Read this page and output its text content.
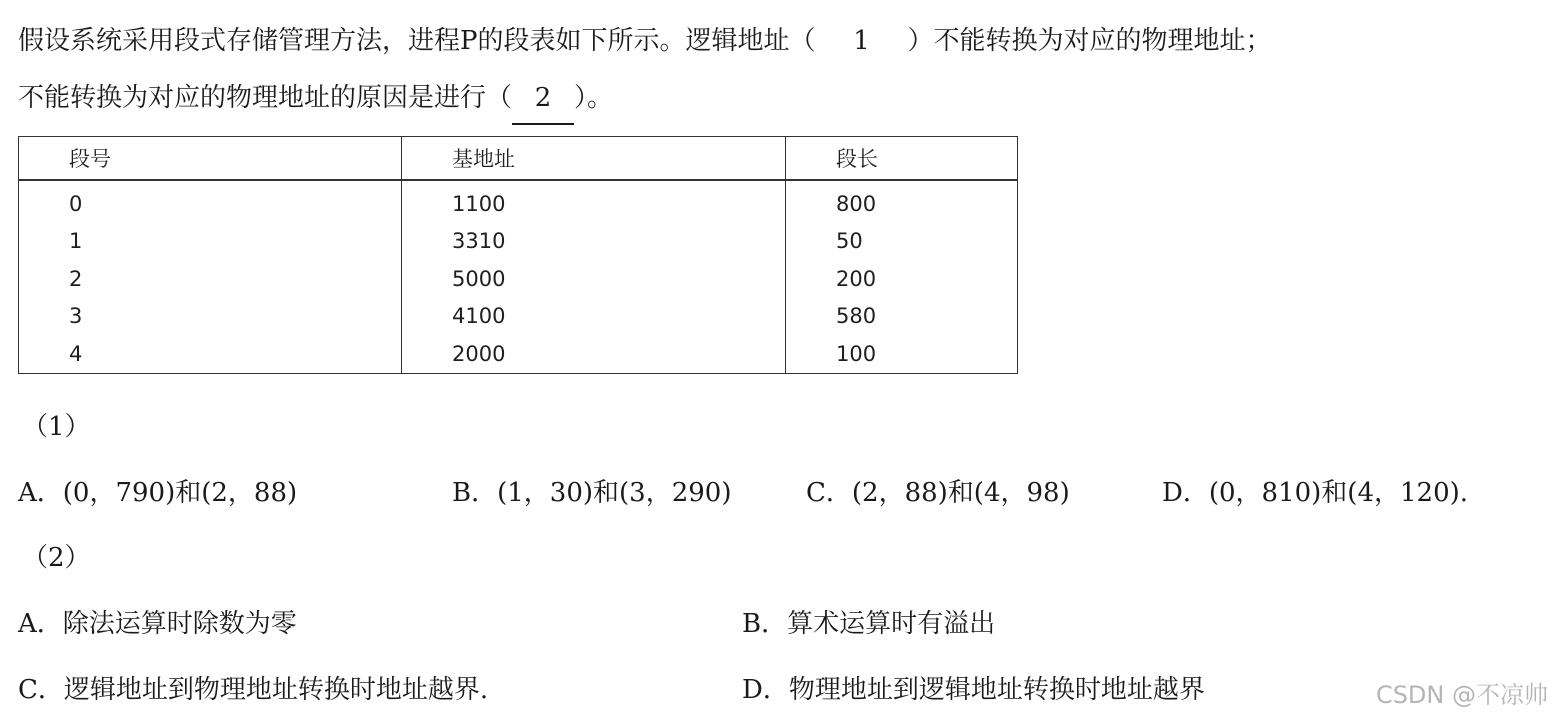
假设系统采用段式存储管理方法，进程P的段表如下所示。逻辑地址（ 1 ）不能转换为对应的物理地址；
不能转换为对应的物理地址的原因是进行（ 2 ）。
段号	基地址	段长
0	1100	800
1	3310	50
2	5000	200
3	4100	580
4	2000	100
（1）
A．(0，790)和(2，88)	B．(1，30)和(3，290)	C．(2，88)和(4，98)	D．(0，810)和(4，120).
（2）
A．除法运算时除数为零	B．算术运算时有溢出
C．逻辑地址到物理地址转换时地址越界.	D．物理地址到逻辑地址转换时地址越界	CSDN @不凉帅
